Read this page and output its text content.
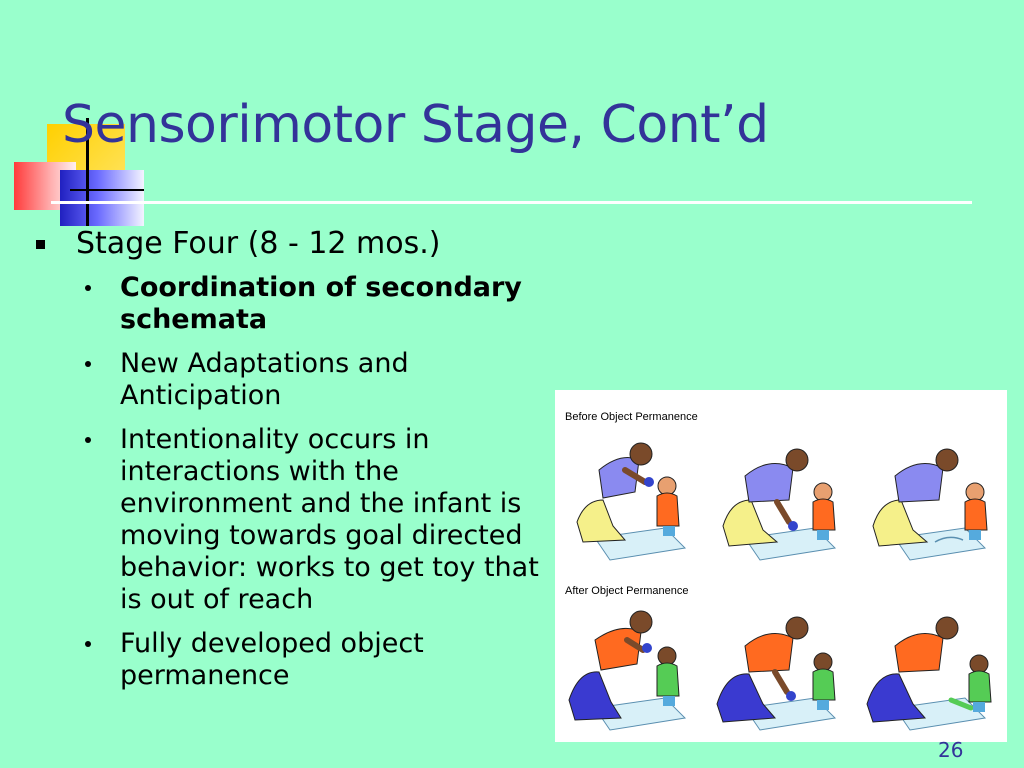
Sensorimotor Stage, Cont’d
Stage Four (8 - 12 mos.)
Coordination of secondary schemata
New Adaptations and Anticipation
Intentionality occurs in interactions with the environment and the infant is moving towards goal directed behavior: works to get toy that is out of reach
Fully developed object permanence
Before Object Permanence
After Object Permanence
26
